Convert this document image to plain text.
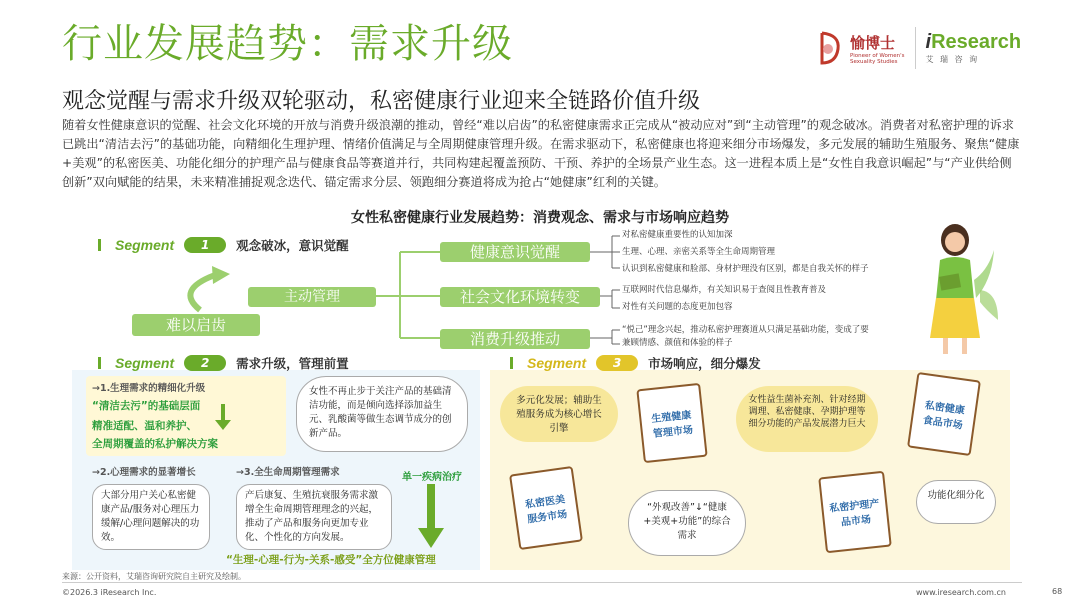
行业发展趋势：需求升级
观念觉醒与需求升级双轮驱动，私密健康行业迎来全链路价值升级
随着女性健康意识的觉醒、社会文化环境的开放与消费升级浪潮的推动，曾经“难以启齿”的私密健康需求正完成从“被动应对”到“主动管理”的观念破冰。消费者对私密护理的诉求已跳出“清洁去污”的基础功能，向精细化生理护理、情绪价值满足与全周期健康管理升级。在需求驱动下，私密健康也将迎来细分市场爆发，多元发展的辅助生殖服务、聚焦“健康+美观”的私密医美、功能化细分的护理产品与健康食品等赛道并行，共同构建起覆盖预防、干预、养护的全场景产业生态。这一进程本质上是“女性自我意识崛起”与“产业供给侧创新”双向赋能的结果，未来精准捕捉观念迭代、锚定需求分层、领跑细分赛道将成为抢占“她健康”红利的关键。
愉博士
Pioneer of Women's
Sexuality Studies
iResearch
艾 瑞 咨 询
女性私密健康行业发展趋势：消费观念、需求与市场响应趋势
Segment	1	观念破冰，意识觉醒
难以启齿
主动管理
健康意识觉醒
社会文化环境转变
消费升级推动
对私密健康重要性的认知加深
生理、心理、亲密关系等全生命周期管理
认识到私密健康和脸部、身材护理没有区别，都是自我关怀的样子
互联网时代信息爆炸，有关知识易于查阅且性教育普及
对性有关问题的态度更加包容
“悦己”理念兴起，推动私密护理赛道从只满足基础功能，变成了要
兼顾情感、颜值和体验的样子
Segment	2	需求升级，管理前置
→1.生理需求的精细化升级
“清洁去污”的基础层面
精准适配、温和养护、
全周期覆盖的私护解决方案
女性不再止步于关注产品的基础清洁功能，而是倾向选择添加益生元、乳酸菌等做生态调节成分的创新产品。
→2.心理需求的显著增长
大部分用户关心私密健康产品/服务对心理压力缓解/心理问题解决的功效。
→3.全生命周期管理需求
产后康复、生殖抗衰服务需求激增全生命周期管理理念的兴起，推动了产品和服务向更加专业化、个性化的方向发展。
单一疾病治疗
“生理-心理-行为-关系-感受”全方位健康管理
Segment	3	市场响应，细分爆发
多元化发展；辅助生殖服务成为核心增长引擎
生殖健康管理市场
女性益生菌补充剂、针对经期调理、私密健康、孕期护理等细分功能的产品发展潜力巨大
私密健康食品市场
私密医美服务市场
“外观改善”↓“健康+美观+功能”的综合需求
私密护理产品市场
功能化细分化
来源：公开资料，艾瑞咨询研究院自主研究及绘制。
©2026.3 iResearch Inc.	www.iresearch.com.cn	68
